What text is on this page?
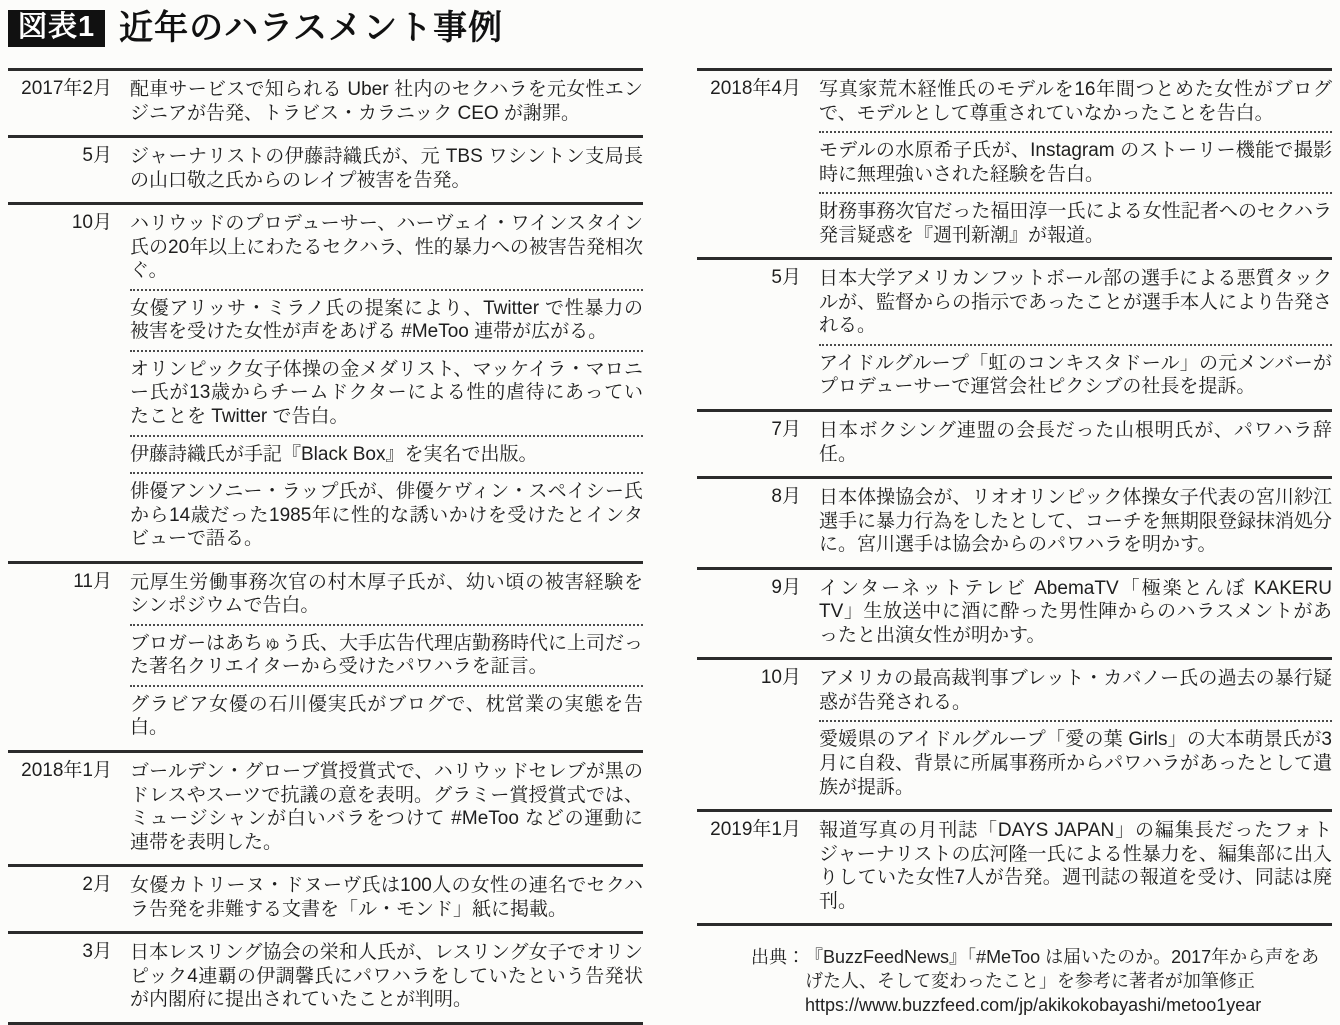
図表1 近年のハラスメント事例
2017年2月 配車サービスで知られる Uber 社内のセクハラを元女性エンジニアが告発、トラビス・カラニック CEO が謝罪。
5月 ジャーナリストの伊藤詩織氏が、元 TBS ワシントン支局長の山口敬之氏からのレイプ被害を告発。
10月 ハリウッドのプロデューサー、ハーヴェイ・ワインスタイン氏の20年以上にわたるセクハラ、性的暴力への被害告発相次ぐ。
女優アリッサ・ミラノ氏の提案により、Twitter で性暴力の被害を受けた女性が声をあげる #MeToo 連帯が広がる。
オリンピック女子体操の金メダリスト、マッケイラ・マロニー氏が13歳からチームドクターによる性的虐待にあっていたことを Twitter で告白。
伊藤詩織氏が手記『Black Box』を実名で出版。
俳優アンソニー・ラップ氏が、俳優ケヴィン・スペイシー氏から14歳だった1985年に性的な誘いかけを受けたとインタビューで語る。
11月 元厚生労働事務次官の村木厚子氏が、幼い頃の被害経験をシンポジウムで告白。
ブロガーはあちゅう氏、大手広告代理店勤務時代に上司だった著名クリエイターから受けたパワハラを証言。
グラビア女優の石川優実氏がブログで、枕営業の実態を告白。
2018年1月 ゴールデン・グローブ賞授賞式で、ハリウッドセレブが黒のドレスやスーツで抗議の意を表明。グラミー賞授賞式では、ミュージシャンが白いバラをつけて #MeToo などの運動に連帯を表明した。
2月 女優カトリーヌ・ドヌーヴ氏は100人の女性の連名でセクハラ告発を非難する文書を「ル・モンド」紙に掲載。
3月 日本レスリング協会の栄和人氏が、レスリング女子でオリンピック4連覇の伊調馨氏にパワハラをしていたという告発状が内閣府に提出されていたことが判明。
2018年4月 写真家荒木経惟氏のモデルを16年間つとめた女性がブログで、モデルとして尊重されていなかったことを告白。
モデルの水原希子氏が、Instagram のストーリー機能で撮影時に無理強いされた経験を告白。
財務事務次官だった福田淳一氏による女性記者へのセクハラ発言疑惑を『週刊新潮』が報道。
5月 日本大学アメリカンフットボール部の選手による悪質タックルが、監督からの指示であったことが選手本人により告発される。
アイドルグループ「虹のコンキスタドール」の元メンバーがプロデューサーで運営会社ピクシブの社長を提訴。
7月 日本ボクシング連盟の会長だった山根明氏が、パワハラ辞任。
8月 日本体操協会が、リオオリンピック体操女子代表の宮川紗江選手に暴力行為をしたとして、コーチを無期限登録抹消処分に。宮川選手は協会からのパワハラを明かす。
9月 インターネットテレビ AbemaTV「極楽とんぼ KAKERU TV」生放送中に酒に酔った男性陣からのハラスメントがあったと出演女性が明かす。
10月 アメリカの最高裁判事ブレット・カバノー氏の過去の暴行疑惑が告発される。
愛媛県のアイドルグループ「愛の葉 Girls」の大本萌景氏が3月に自殺、背景に所属事務所からパワハラがあったとして遺族が提訴。
2019年1月 報道写真の月刊誌「DAYS JAPAN」の編集長だったフォトジャーナリストの広河隆一氏による性暴力を、編集部に出入りしていた女性7人が告発。週刊誌の報道を受け、同誌は廃刊。
出典： 『BuzzFeedNews』「#MeToo は届いたのか。2017年から声をあげた人、そして変わったこと」を参考に著者が加筆修正
https://www.buzzfeed.com/jp/akikokobayashi/metoo1year
